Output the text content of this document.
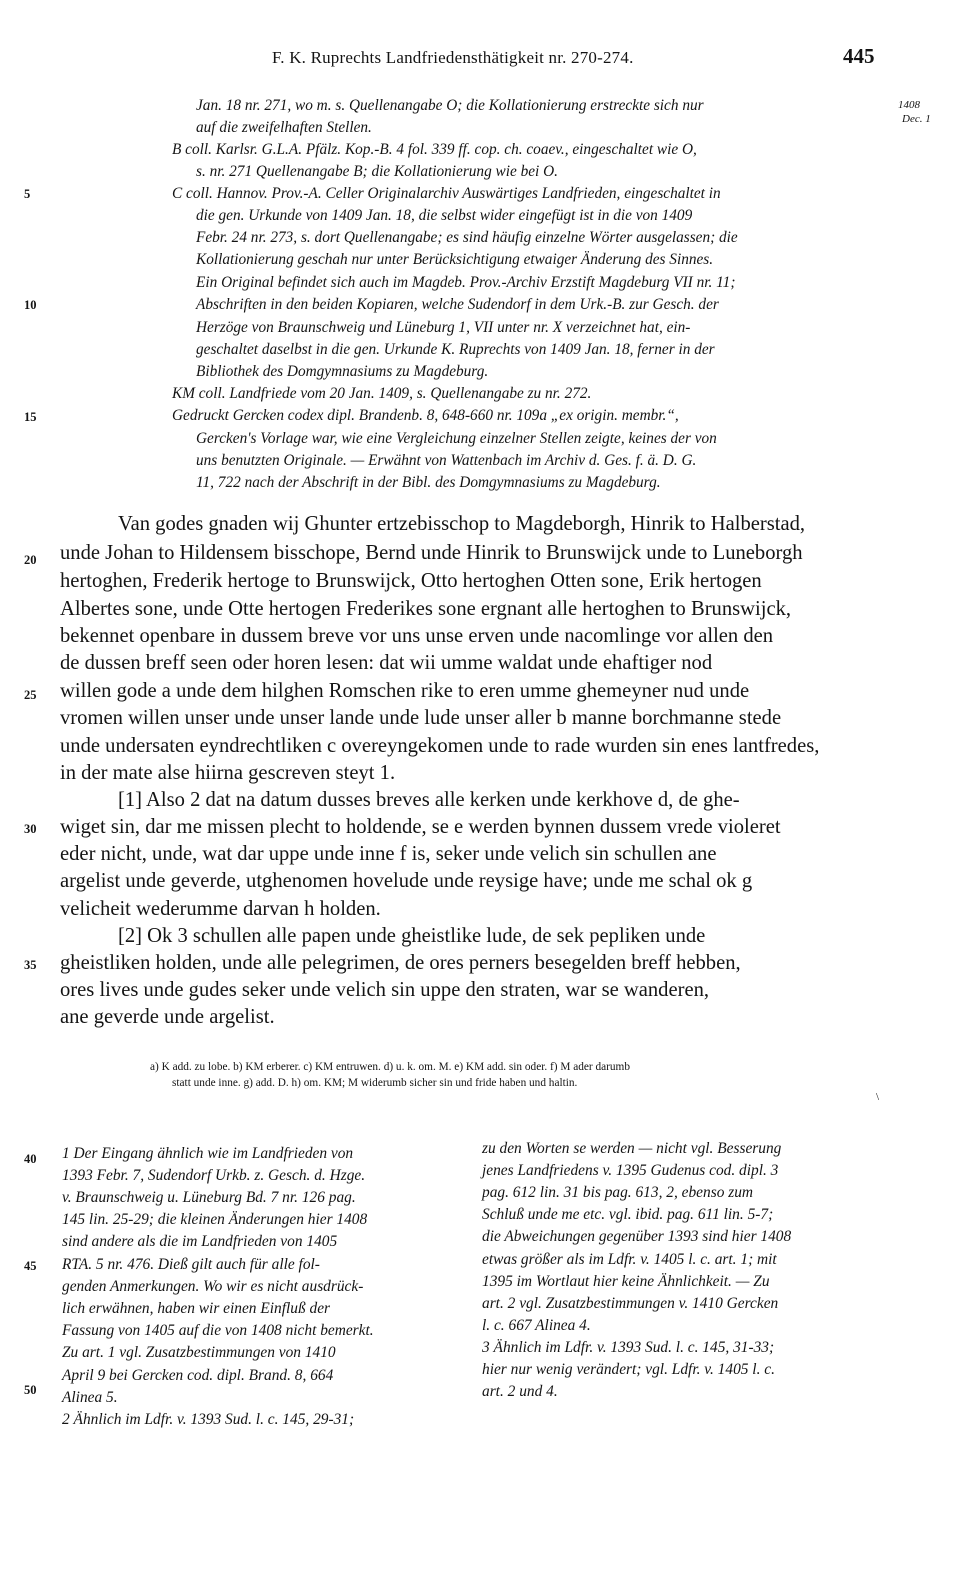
F. K. Ruprechts Landfriedensthätigkeit nr. 270-274.	445
1408
Dec. 1
5
10
15
20
25
30
35
40
45
50
Jan. 18 nr. 271, wo m. s. Quellenangabe O; die Kollationierung erstreckte sich nur
auf die zweifelhaften Stellen.
B coll. Karlsr. G.L.A. Pfälz. Kop.-B. 4 fol. 339 ff. cop. ch. coaev., eingeschaltet wie O,
s. nr. 271 Quellenangabe B; die Kollationierung wie bei O.
C coll. Hannov. Prov.-A. Celler Originalarchiv Auswärtiges Landfrieden, eingeschaltet in
die gen. Urkunde von 1409 Jan. 18, die selbst wider eingefügt ist in die von 1409
Febr. 24 nr. 273, s. dort Quellenangabe; es sind häufig einzelne Wörter ausgelassen; die
Kollationierung geschah nur unter Berücksichtigung etwaiger Änderung des Sinnes.
Ein Original befindet sich auch im Magdeb. Prov.-Archiv Erzstift Magdeburg VII nr. 11;
Abschriften in den beiden Kopiaren, welche Sudendorf in dem Urk.-B. zur Gesch. der
Herzöge von Braunschweig und Lüneburg 1, VII unter nr. X verzeichnet hat, ein-
geschaltet daselbst in die gen. Urkunde K. Ruprechts von 1409 Jan. 18, ferner in der
Bibliothek des Domgymnasiums zu Magdeburg.
KM coll. Landfriede vom 20 Jan. 1409, s. Quellenangabe zu nr. 272.
Gedruckt Gercken codex dipl. Brandenb. 8, 648-660 nr. 109a „ex origin. membr.“,
Gercken's Vorlage war, wie eine Vergleichung einzelner Stellen zeigte, keines der von
uns benutzten Originale. — Erwähnt von Wattenbach im Archiv d. Ges. f. ä. D. G.
11, 722 nach der Abschrift in der Bibl. des Domgymnasiums zu Magdeburg.
Van godes gnaden wij Ghunter ertzebisschop to Magdeborgh, Hinrik to Halberstad,
unde Johan to Hildensem bisschope, Bernd unde Hinrik to Brunswijck unde to Luneborgh
hertoghen, Frederik hertoge to Brunswijck, Otto hertoghen Otten sone, Erik hertogen
Albertes sone, unde Otte hertogen Frederikes sone ergnant alle hertoghen to Brunswijck,
bekennet openbare in dussem breve vor uns unse erven unde nacomlinge vor allen den
de dussen breff seen oder horen lesen: dat wii umme waldat unde ehaftiger nod
willen gode a unde dem hilghen Romschen rike to eren umme ghemeyner nud unde
vromen willen unser unde unser lande unde lude unser aller b manne borchmanne stede
unde undersaten eyndrechtliken c overeyngekomen unde to rade wurden sin enes lantfredes,
in der mate alse hiirna gescreven steyt 1.
[1] Also 2 dat na datum dusses breves alle kerken unde kerkhove d, de ghe-
wiget sin, dar me missen plecht to holdende, se e werden bynnen dussem vrede violeret
eder nicht, unde, wat dar uppe unde inne f is, seker unde velich sin schullen ane
argelist unde geverde, utghenomen hovelude unde reysige have; unde me schal ok g
velicheit wederumme darvan h holden.
[2] Ok 3 schullen alle papen unde gheistlike lude, de sek pepliken unde
gheistliken holden, unde alle pelegrimen, de ores perners besegelden breff hebben,
ores lives unde gudes seker unde velich sin uppe den straten, war se wanderen,
ane geverde unde argelist.
a) K add. zu lobe. b) KM erberer. c) KM entruwen. d) u. k. om. M. e) KM add. sin oder. f) M ader darumb
statt unde inne. g) add. D. h) om. KM; M widerumb sicher sin und fride haben und haltin.
\
1 Der Eingang ähnlich wie im Landfrieden von
1393 Febr. 7, Sudendorf Urkb. z. Gesch. d. Hzge.
v. Braunschweig u. Lüneburg Bd. 7 nr. 126 pag.
145 lin. 25-29; die kleinen Änderungen hier 1408
sind andere als die im Landfrieden von 1405
RTA. 5 nr. 476. Dieß gilt auch für alle fol-
genden Anmerkungen. Wo wir es nicht ausdrück-
lich erwähnen, haben wir einen Einfluß der
Fassung von 1405 auf die von 1408 nicht bemerkt.
Zu art. 1 vgl. Zusatzbestimmungen von 1410
April 9 bei Gercken cod. dipl. Brand. 8, 664
Alinea 5.
2 Ähnlich im Ldfr. v. 1393 Sud. l. c. 145, 29-31;
zu den Worten se werden — nicht vgl. Besserung
jenes Landfriedens v. 1395 Gudenus cod. dipl. 3
pag. 612 lin. 31 bis pag. 613, 2, ebenso zum
Schluß unde me etc. vgl. ibid. pag. 611 lin. 5-7;
die Abweichungen gegenüber 1393 sind hier 1408
etwas größer als im Ldfr. v. 1405 l. c. art. 1; mit
1395 im Wortlaut hier keine Ähnlichkeit. — Zu
art. 2 vgl. Zusatzbestimmungen v. 1410 Gercken
l. c. 667 Alinea 4.
3 Ähnlich im Ldfr. v. 1393 Sud. l. c. 145, 31-33;
hier nur wenig verändert; vgl. Ldfr. v. 1405 l. c.
art. 2 und 4.
